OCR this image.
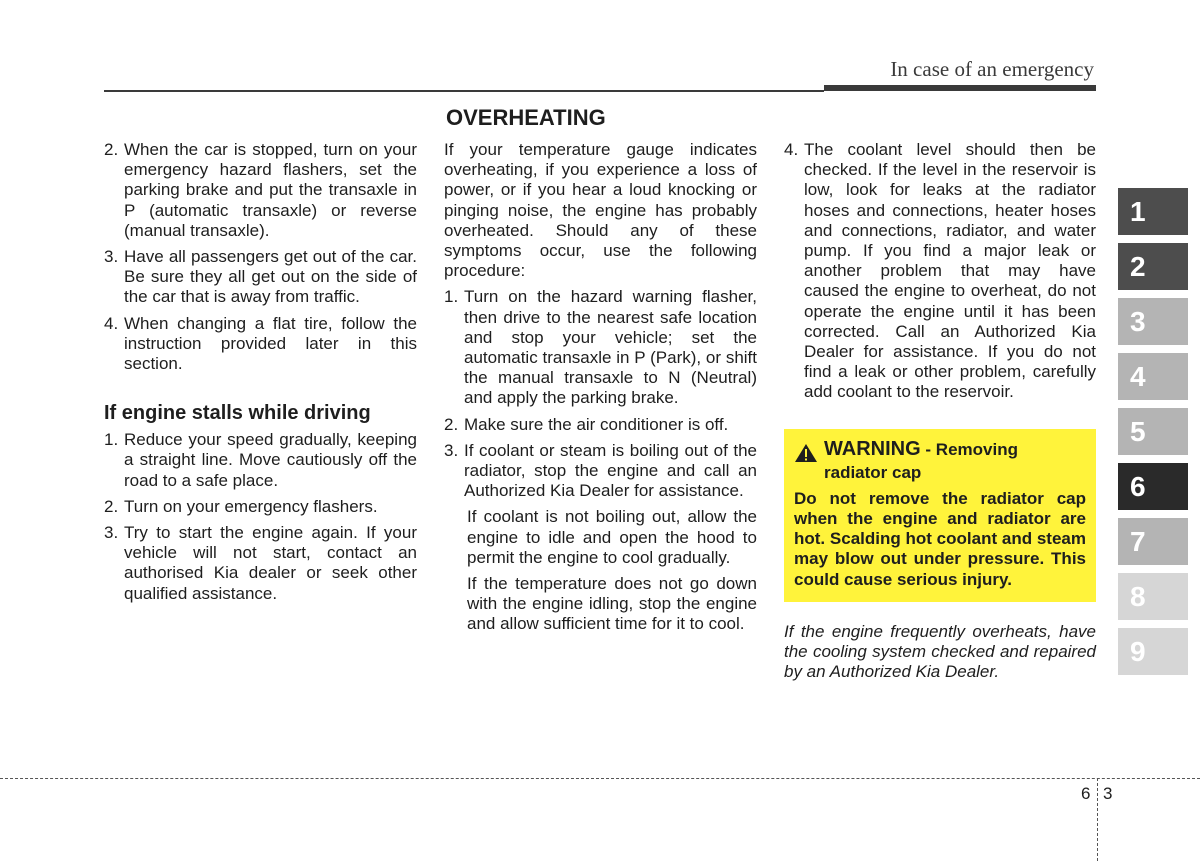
In case of an emergency
OVERHEATING
2. When the car is stopped, turn on your emergency hazard flashers, set the parking brake and put the transaxle in P (automatic transaxle) or reverse (manual transaxle).
3. Have all passengers get out of the car. Be sure they all get out on the side of the car that is away from traffic.
4. When changing a flat tire, follow the instruction provided later in this section.

If engine stalls while driving

1. Reduce your speed gradually, keeping a straight line. Move cautiously off the road to a safe place.
2. Turn on your emergency flashers.
3. Try to start the engine again. If your vehicle will not start, contact an authorised Kia dealer or seek other qualified assistance.

If your temperature gauge indicates overheating, if you experience a loss of power, or if you hear a loud knocking or pinging noise, the engine has probably overheated. Should any of these symptoms occur, use the following procedure:

1. Turn on the hazard warning flasher, then drive to the nearest safe location and stop your vehicle; set the automatic transaxle in P (Park), or shift the manual transaxle to N (Neutral) and apply the parking brake.
2. Make sure the air conditioner is off.
3. If coolant or steam is boiling out of the radiator, stop the engine and call an Authorized Kia Dealer for assistance.

If coolant is not boiling out, allow the engine to idle and open the hood to permit the engine to cool gradually.

If the temperature does not go down with the engine idling, stop the engine and allow sufficient time for it to cool.

4. The coolant level should then be checked. If the level in the reservoir is low, look for leaks at the radiator hoses and connections, heater hoses and connections, radiator, and water pump. If you find a major leak or another problem that may have caused the engine to overheat, do not operate the engine until it has been corrected. Call an Authorized Kia Dealer for assistance. If you do not find a leak or other problem, carefully add coolant to the reservoir.
WARNING - Removing

radiator cap

Do not remove the radiator cap when the engine and radiator are hot. Scalding hot coolant and steam may blow out under pressure. This could cause serious injury.

If the engine frequently overheats, have the cooling system checked and repaired by an Authorized Kia Dealer.

1
2
3
4
5
6
7
8
9
6 3
